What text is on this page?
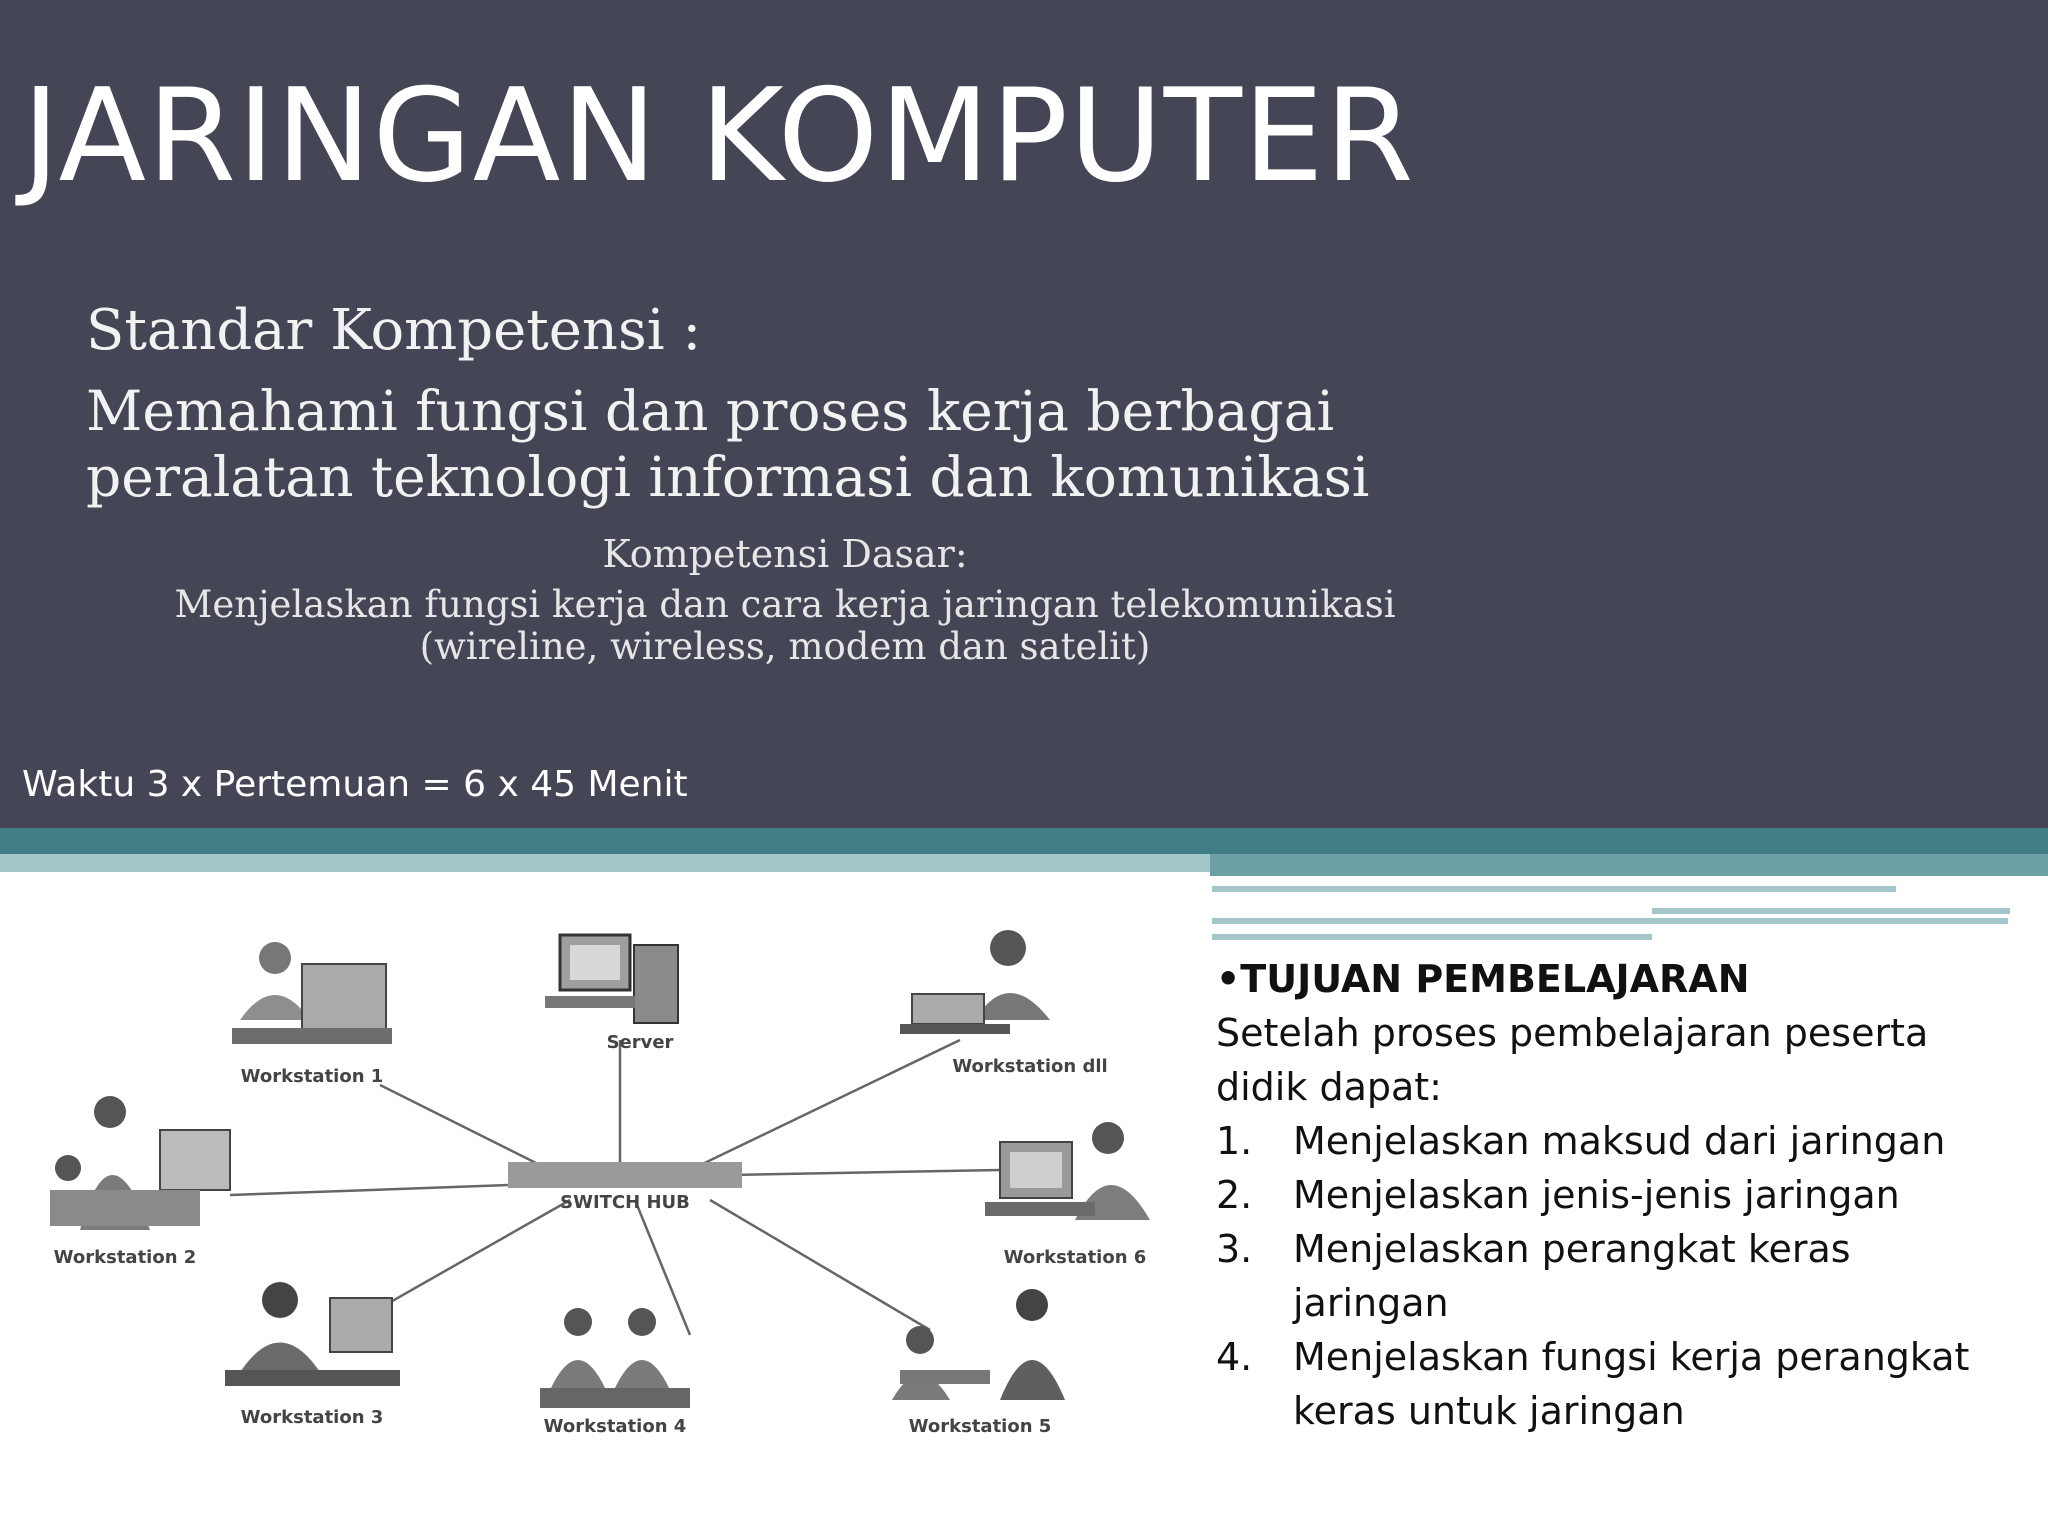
JARINGAN KOMPUTER
Standar Kompetensi :
Memahami fungsi dan proses kerja berbagai peralatan teknologi informasi dan komunikasi
Kompetensi Dasar:
Menjelaskan fungsi kerja dan cara kerja jaringan telekomunikasi
(wireline, wireless, modem dan satelit)
Waktu 3 x Pertemuan = 6 x 45 Menit
SWITCH HUB
Server
Workstation 1	Workstation dll
Workstation 2	Workstation 6
Workstation 3	Workstation 4	Workstation 5
•TUJUAN PEMBELAJARAN
Setelah proses pembelajaran peserta didik dapat:
1.	Menjelaskan maksud dari jaringan
2.	Menjelaskan jenis-jenis jaringan
3.	Menjelaskan perangkat keras jaringan
4.	Menjelaskan fungsi kerja perangkat keras untuk jaringan
